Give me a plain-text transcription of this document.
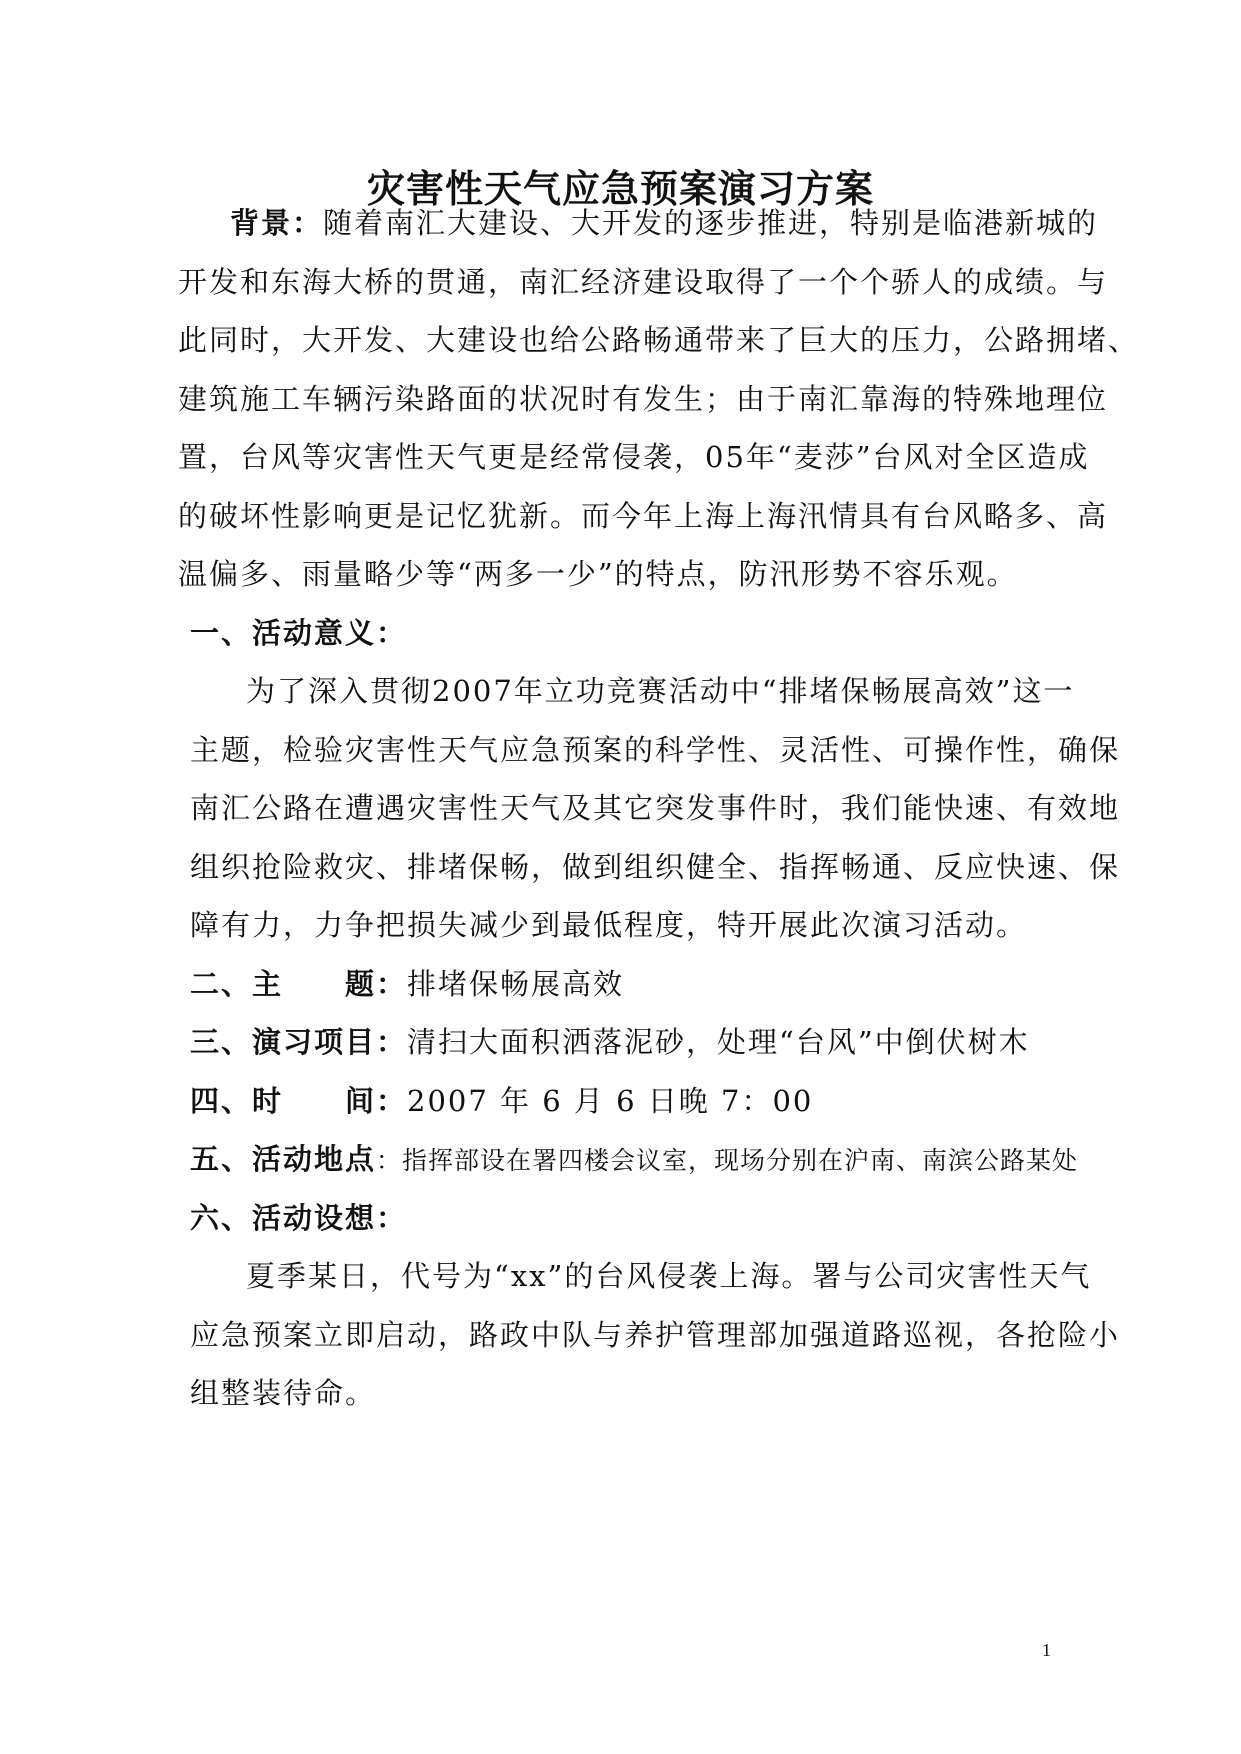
灾害性天气应急预案演习方案
背景：随着南汇大建设、大开发的逐步推进，特别是临港新城的
开发和东海大桥的贯通，南汇经济建设取得了一个个骄人的成绩。与
此同时，大开发、大建设也给公路畅通带来了巨大的压力，公路拥堵、
建筑施工车辆污染路面的状况时有发生；由于南汇靠海的特殊地理位
置，台风等灾害性天气更是经常侵袭，05年“麦莎”台风对全区造成
的破坏性影响更是记忆犹新。而今年上海上海汛情具有台风略多、高
温偏多、雨量略少等“两多一少”的特点，防汛形势不容乐观。
一、活动意义：
为了深入贯彻2007年立功竞赛活动中“排堵保畅展高效”这一
主题，检验灾害性天气应急预案的科学性、灵活性、可操作性，确保
南汇公路在遭遇灾害性天气及其它突发事件时，我们能快速、有效地
组织抢险救灾、排堵保畅，做到组织健全、指挥畅通、反应快速、保
障有力，力争把损失减少到最低程度，特开展此次演习活动。
二、主　　题：排堵保畅展高效
三、演习项目：清扫大面积洒落泥砂，处理“台风”中倒伏树木
四、时　　间：2007 年 6 月 6 日晚 7：00
五、活动地点：指挥部设在署四楼会议室，现场分别在沪南、南滨公路某处
六、活动设想：
夏季某日，代号为“xx”的台风侵袭上海。署与公司灾害性天气
应急预案立即启动，路政中队与养护管理部加强道路巡视，各抢险小
组整装待命。
1
